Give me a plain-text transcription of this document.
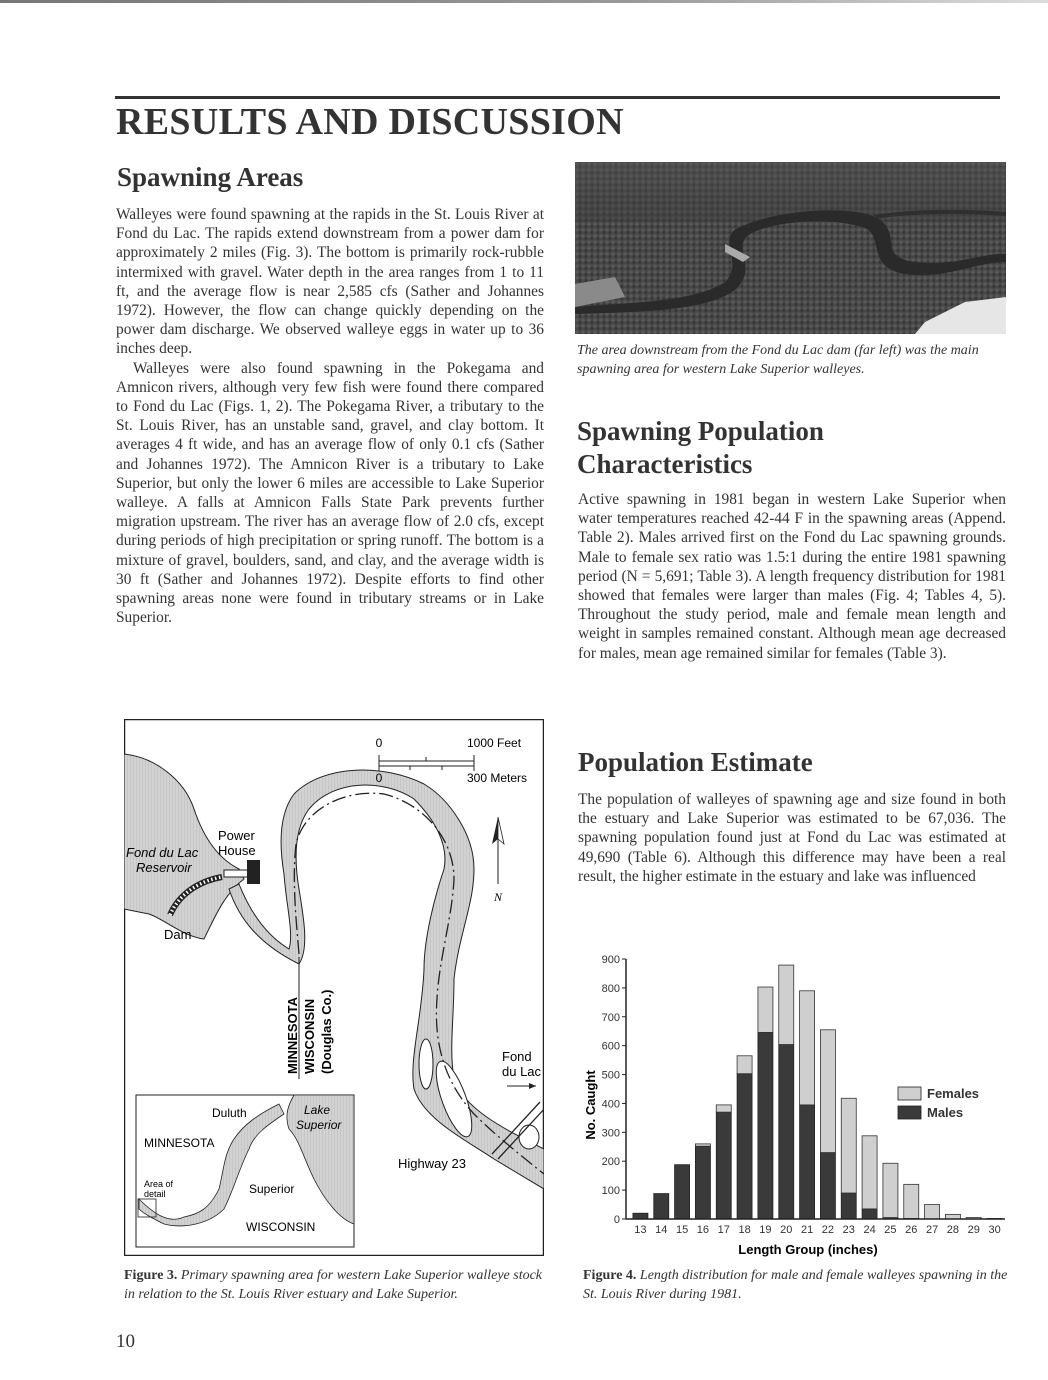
RESULTS AND DISCUSSION
Spawning Areas

Walleyes were found spawning at the rapids in the St. Louis River at Fond du Lac. The rapids extend downstream from a power dam for approximately 2 miles (Fig. 3). The bottom is primarily rock-rubble intermixed with gravel. Water depth in the area ranges from 1 to 11 ft, and the average flow is near 2,585 cfs (Sather and Johannes 1972). However, the flow can change quickly depending on the power dam discharge. We observed walleye eggs in water up to 36 inches deep.

Walleyes were also found spawning in the Pokegama and Amnicon rivers, although very few fish were found there compared to Fond du Lac (Figs. 1, 2). The Pokegama River, a tributary to the St. Louis River, has an unstable sand, gravel, and clay bottom. It averages 4 ft wide, and has an average flow of only 0.1 cfs (Sather and Johannes 1972). The Amnicon River is a tributary to Lake Superior, but only the lower 6 miles are accessible to Lake Superior walleye. A falls at Amnicon Falls State Park prevents further migration upstream. The river has an average flow of 2.0 cfs, except during periods of high precipitation or spring runoff. The bottom is a mixture of gravel, boulders, sand, and clay, and the average width is 30 ft (Sather and Johannes 1972). Despite efforts to find other spawning areas none were found in tributary streams or in Lake Superior.

The area downstream from the Fond du Lac dam (far left) was the main spawning area for western Lake Superior walleyes.
Spawning Population Characteristics

Active spawning in 1981 began in western Lake Superior when water temperatures reached 42-44 F in the spawning areas (Append. Table 2). Males arrived first on the Fond du Lac spawning grounds. Male to female sex ratio was 1.5:1 during the entire 1981 spawning period (N = 5,691; Table 3). A length frequency distribution for 1981 showed that females were larger than males (Fig. 4; Tables 4, 5). Throughout the study period, male and female mean length and weight in samples remained constant. Although mean age decreased for males, mean age remained similar for females (Table 3).

Population Estimate

The population of walleyes of spawning age and size found in both the estuary and Lake Superior was estimated to be 67,036. The spawning population found just at Fond du Lac was estimated at 49,690 (Table 6). Although this difference may have been a real result, the higher estimate in the estuary and lake was influenced

0	1000 Feet
0	300 Meters
N
Fond du Lac
Reservoir
Power
House
Dam
MINNESOTA WISCONSIN (Douglas Co.)	Fond
du Lac
Highway 23
Duluth	Lake
Superior
MINNESOTA
Superior
WISCONSIN
Area of
detail
Figure 3. Primary spawning area for western Lake Superior walleye stock in relation to the St. Louis River estuary and Lake Superior.
0
100
200
300
400
500
600
700
800
900
13 14 15 16 17 18 19 20 21 22 23 24 25 26 27 28 29 30
No. Caught
Length Group (inches)
Females
Males
Figure 4. Length distribution for male and female walleyes spawning in the St. Louis River during 1981.
10
